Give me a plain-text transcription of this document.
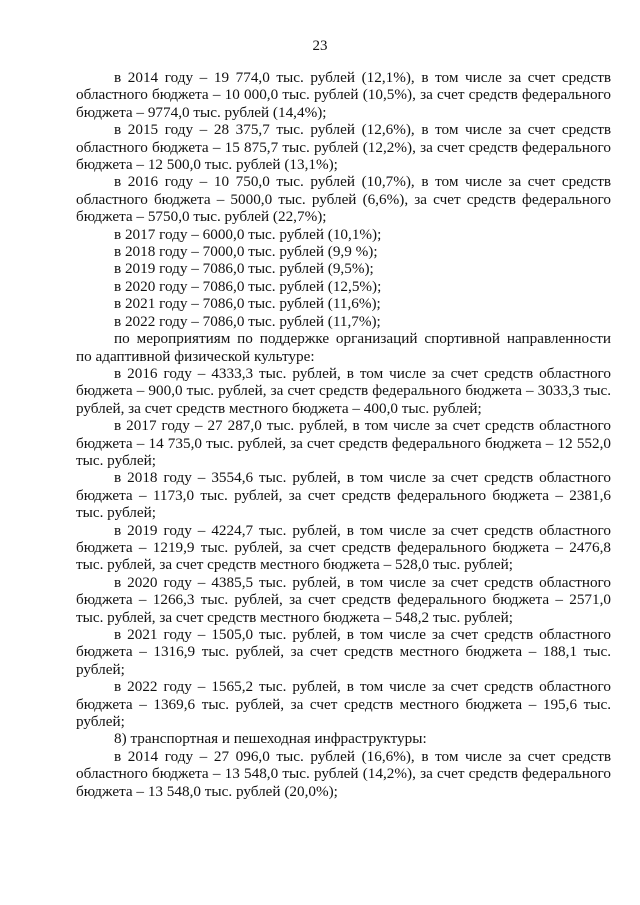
23

в 2014 году – 19 774,0 тыс. рублей (12,1%), в том числе за счет средств областного бюджета – 10 000,0 тыс. рублей (10,5%), за счет средств федерального бюджета – 9774,0 тыс. рублей (14,4%);

в 2015 году – 28 375,7 тыс. рублей (12,6%), в том числе за счет средств областного бюджета – 15 875,7 тыс. рублей (12,2%), за счет средств федерального бюджета – 12 500,0 тыс. рублей (13,1%);

в 2016 году – 10 750,0 тыс. рублей (10,7%), в том числе за счет средств областного бюджета – 5000,0 тыс. рублей (6,6%), за счет средств федерального бюджета – 5750,0 тыс. рублей (22,7%);

в 2017 году – 6000,0 тыс. рублей (10,1%);

в 2018 году – 7000,0 тыс. рублей (9,9 %);

в 2019 году – 7086,0 тыс. рублей (9,5%);

в 2020 году – 7086,0 тыс. рублей (12,5%);

в 2021 году – 7086,0 тыс. рублей (11,6%);

в 2022 году – 7086,0 тыс. рублей (11,7%);

по мероприятиям по поддержке организаций спортивной направленности по адаптивной физической культуре:

в 2016 году – 4333,3 тыс. рублей, в том числе за счет средств областного бюджета – 900,0 тыс. рублей, за счет средств федерального бюджета – 3033,3 тыс. рублей, за счет средств местного бюджета – 400,0 тыс. рублей;

в 2017 году – 27 287,0 тыс. рублей, в том числе за счет средств областного бюджета – 14 735,0 тыс. рублей, за счет средств федерального бюджета – 12 552,0 тыс. рублей;

в 2018 году – 3554,6 тыс. рублей, в том числе за счет средств областного бюджета – 1173,0 тыс. рублей, за счет средств федерального бюджета – 2381,6 тыс. рублей;

в 2019 году – 4224,7 тыс. рублей, в том числе за счет средств областного бюджета – 1219,9 тыс. рублей, за счет средств федерального бюджета – 2476,8 тыс. рублей, за счет средств местного бюджета – 528,0 тыс. рублей;

в 2020 году – 4385,5 тыс. рублей, в том числе за счет средств областного бюджета – 1266,3 тыс. рублей, за счет средств федерального бюджета – 2571,0 тыс. рублей, за счет средств местного бюджета – 548,2 тыс. рублей;

в 2021 году – 1505,0 тыс. рублей, в том числе за счет средств областного бюджета – 1316,9 тыс. рублей, за счет средств местного бюджета – 188,1 тыс. рублей;

в 2022 году – 1565,2 тыс. рублей, в том числе за счет средств областного бюджета – 1369,6 тыс. рублей, за счет средств местного бюджета – 195,6 тыс. рублей;

8) транспортная и пешеходная инфраструктуры:

в 2014 году – 27 096,0 тыс. рублей (16,6%), в том числе за счет средств областного бюджета – 13 548,0 тыс. рублей (14,2%), за счет средств федерального бюджета – 13 548,0 тыс. рублей (20,0%);
